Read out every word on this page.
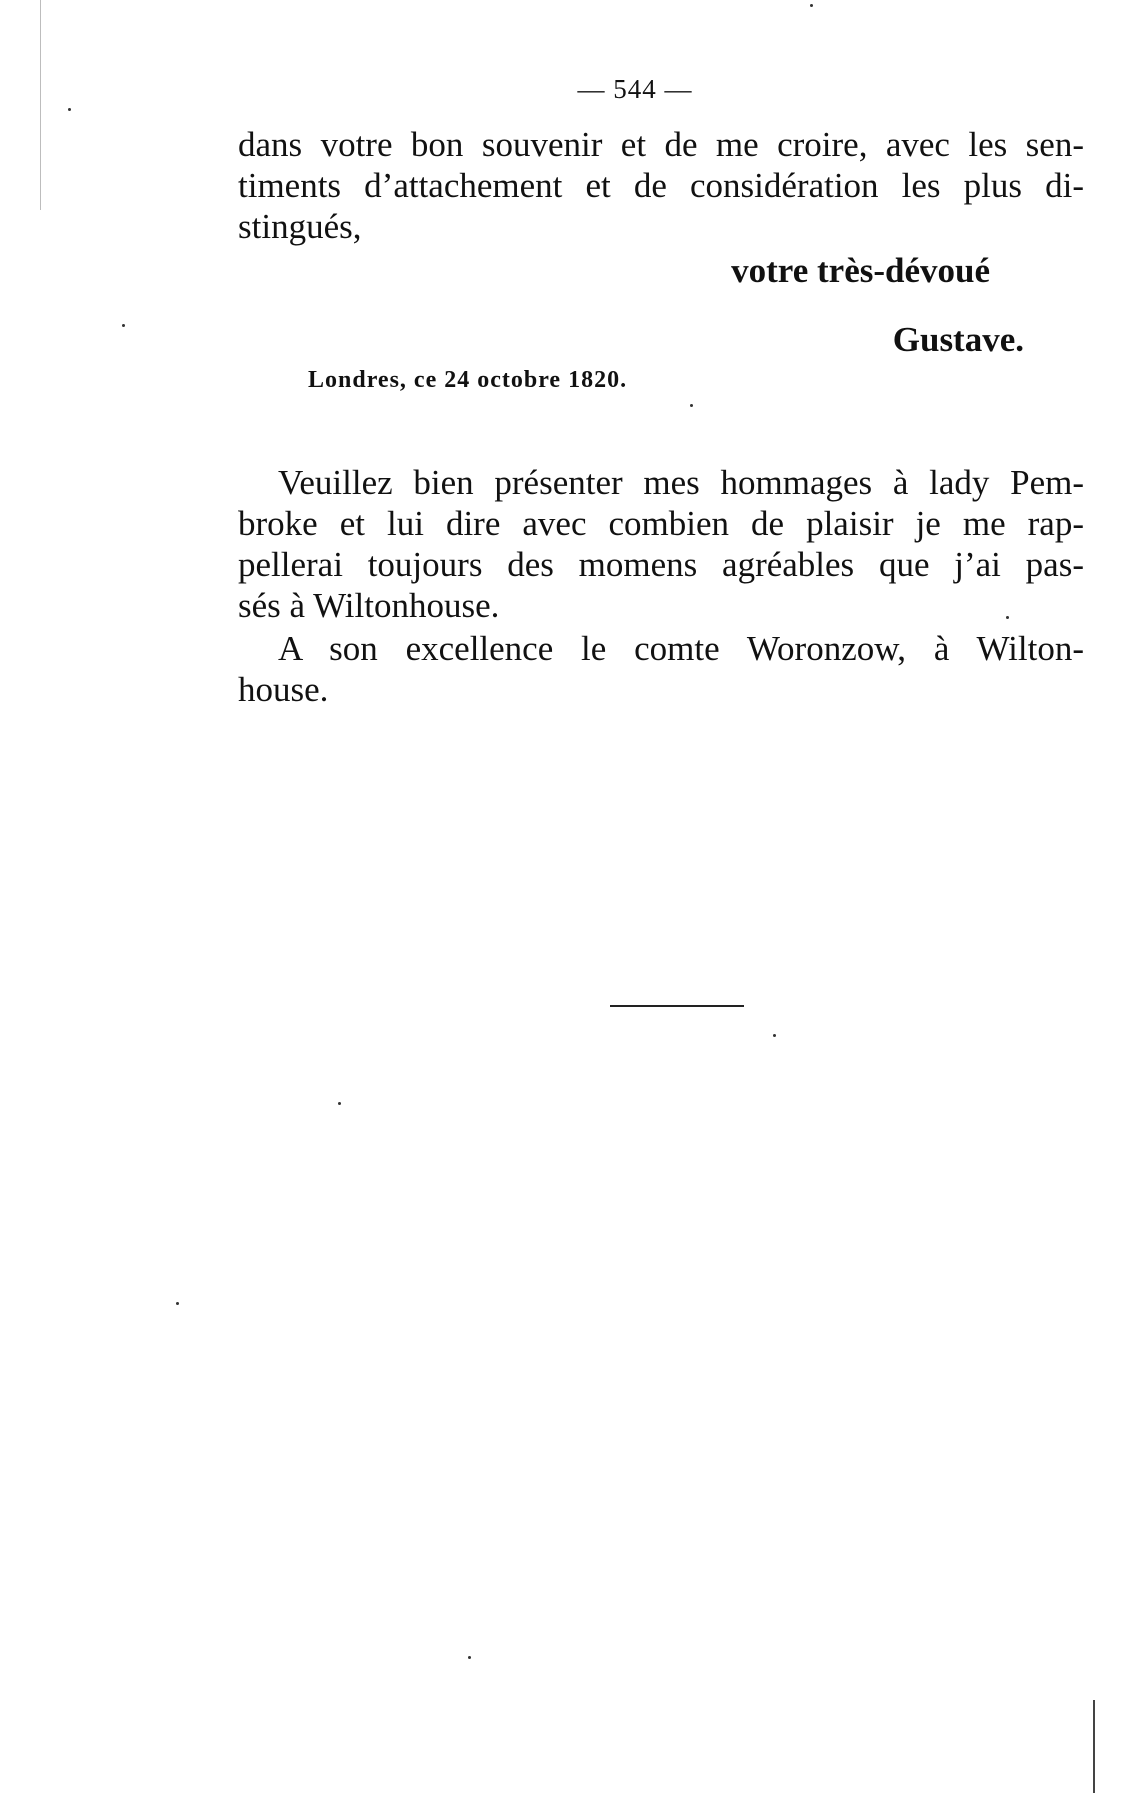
— 544 —
dans votre bon souvenir et de me croire, avec les sen-
timents d’attachement et de considération les plus di-
stingués,
votre très-dévoué
Gustave.
Londres, ce 24 octobre 1820.
Veuillez bien présenter mes hommages à lady Pem-
broke et lui dire avec combien de plaisir je me rap-
pellerai toujours des momens agréables que j’ai pas-
sés à Wiltonhouse.
A son excellence le comte Woronzow, à Wilton-
house.
